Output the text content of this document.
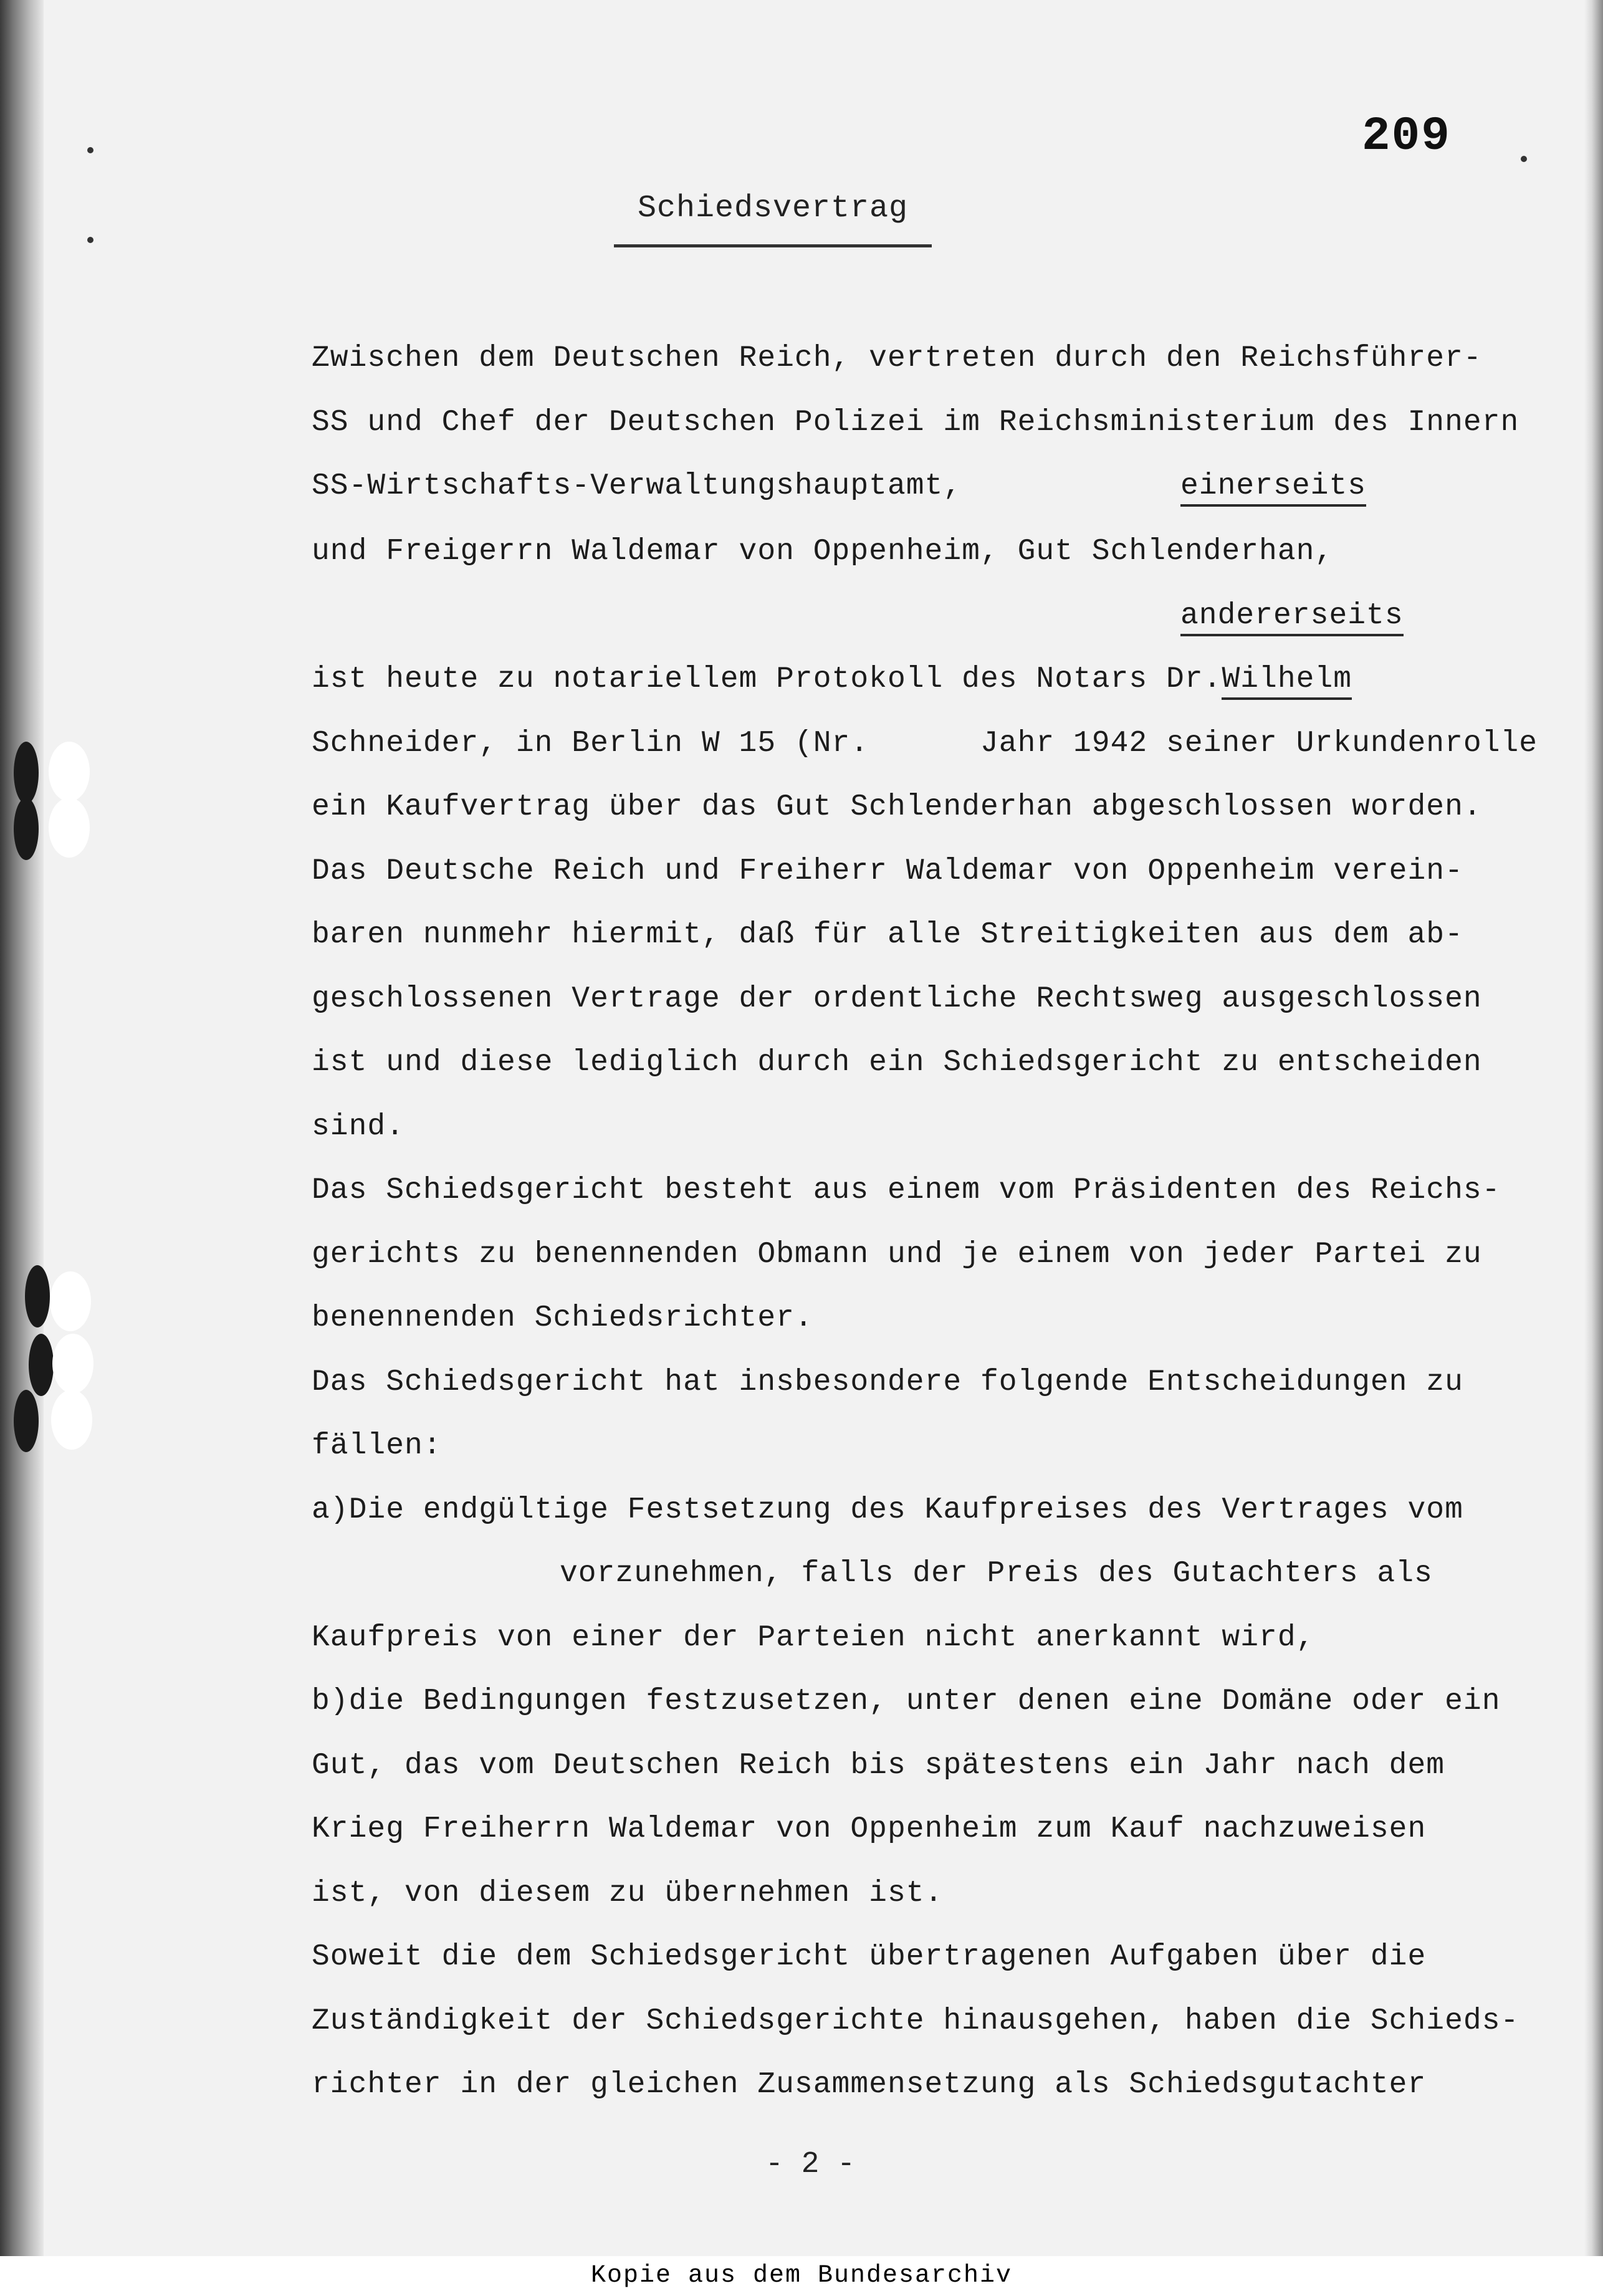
209
Schiedsvertrag
Zwischen dem Deutschen Reich, vertreten durch den Reichsführer-
SS und Chef der Deutschen Polizei im Reichsministerium des Innern
SS-Wirtschafts-Verwaltungshauptamt,	einerseits
und Freigerrn Waldemar von Oppenheim, Gut Schlenderhan,
andererseits
ist heute zu notariellem Protokoll des Notars Dr.Wilhelm
Schneider, in Berlin W 15 (Nr.      Jahr 1942 seiner Urkundenrolle
ein Kaufvertrag über das Gut Schlenderhan abgeschlossen worden.
Das Deutsche Reich und Freiherr Waldemar von Oppenheim verein-
baren nunmehr hiermit, daß für alle Streitigkeiten aus dem ab-
geschlossenen Vertrage der ordentliche Rechtsweg ausgeschlossen
ist und diese lediglich durch ein Schiedsgericht zu entscheiden
sind.
Das Schiedsgericht besteht aus einem vom Präsidenten des Reichs-
gerichts zu benennenden Obmann und je einem von jeder Partei zu
benennenden Schiedsrichter.
Das Schiedsgericht hat insbesondere folgende Entscheidungen zu
fällen:
a)Die endgültige Festsetzung des Kaufpreises des Vertrages vom
vorzunehmen, falls der Preis des Gutachters als
Kaufpreis von einer der Parteien nicht anerkannt wird,
b)die Bedingungen festzusetzen, unter denen eine Domäne oder ein
Gut, das vom Deutschen Reich bis spätestens ein Jahr nach dem
Krieg Freiherrn Waldemar von Oppenheim zum Kauf nachzuweisen
ist, von diesem zu übernehmen ist.
Soweit die dem Schiedsgericht übertragenen Aufgaben über die
Zuständigkeit der Schiedsgerichte hinausgehen, haben die Schieds-
richter in der gleichen Zusammensetzung als Schiedsgutachter
- 2 -
Kopie aus dem Bundesarchiv
